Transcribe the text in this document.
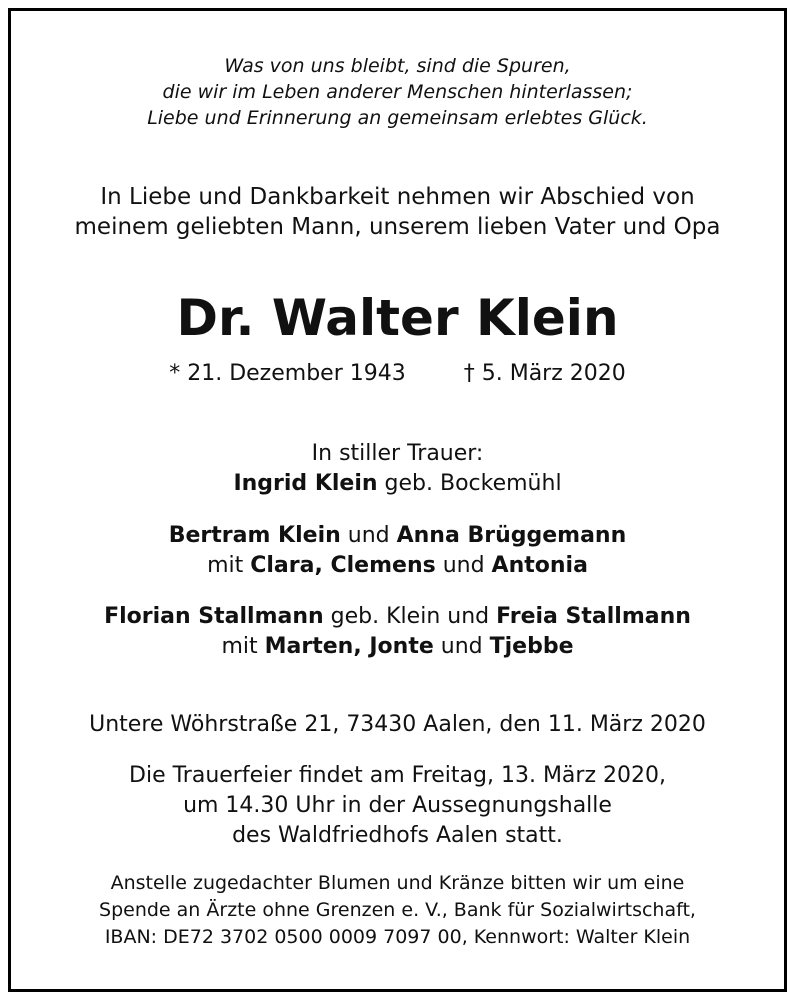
Was von uns bleibt, sind die Spuren,
die wir im Leben anderer Menschen hinterlassen;
Liebe und Erinnerung an gemeinsam erlebtes Glück.
In Liebe und Dankbarkeit nehmen wir Abschied von
meinem geliebten Mann, unserem lieben Vater und Opa
Dr. Walter Klein
* 21. Dezember 1943	† 5. März 2020
In stiller Trauer:
Ingrid Klein geb. Bockemühl
Bertram Klein und Anna Brüggemann
mit Clara, Clemens und Antonia
Florian Stallmann geb. Klein und Freia Stallmann
mit Marten, Jonte und Tjebbe
Untere Wöhrstraße 21, 73430 Aalen, den 11. März 2020
Die Trauerfeier findet am Freitag, 13. März 2020,
um 14.30 Uhr in der Aussegnungshalle
des Waldfriedhofs Aalen statt.
Anstelle zugedachter Blumen und Kränze bitten wir um eine
Spende an Ärzte ohne Grenzen e. V., Bank für Sozialwirtschaft,
IBAN: DE72 3702 0500 0009 7097 00, Kennwort: Walter Klein
